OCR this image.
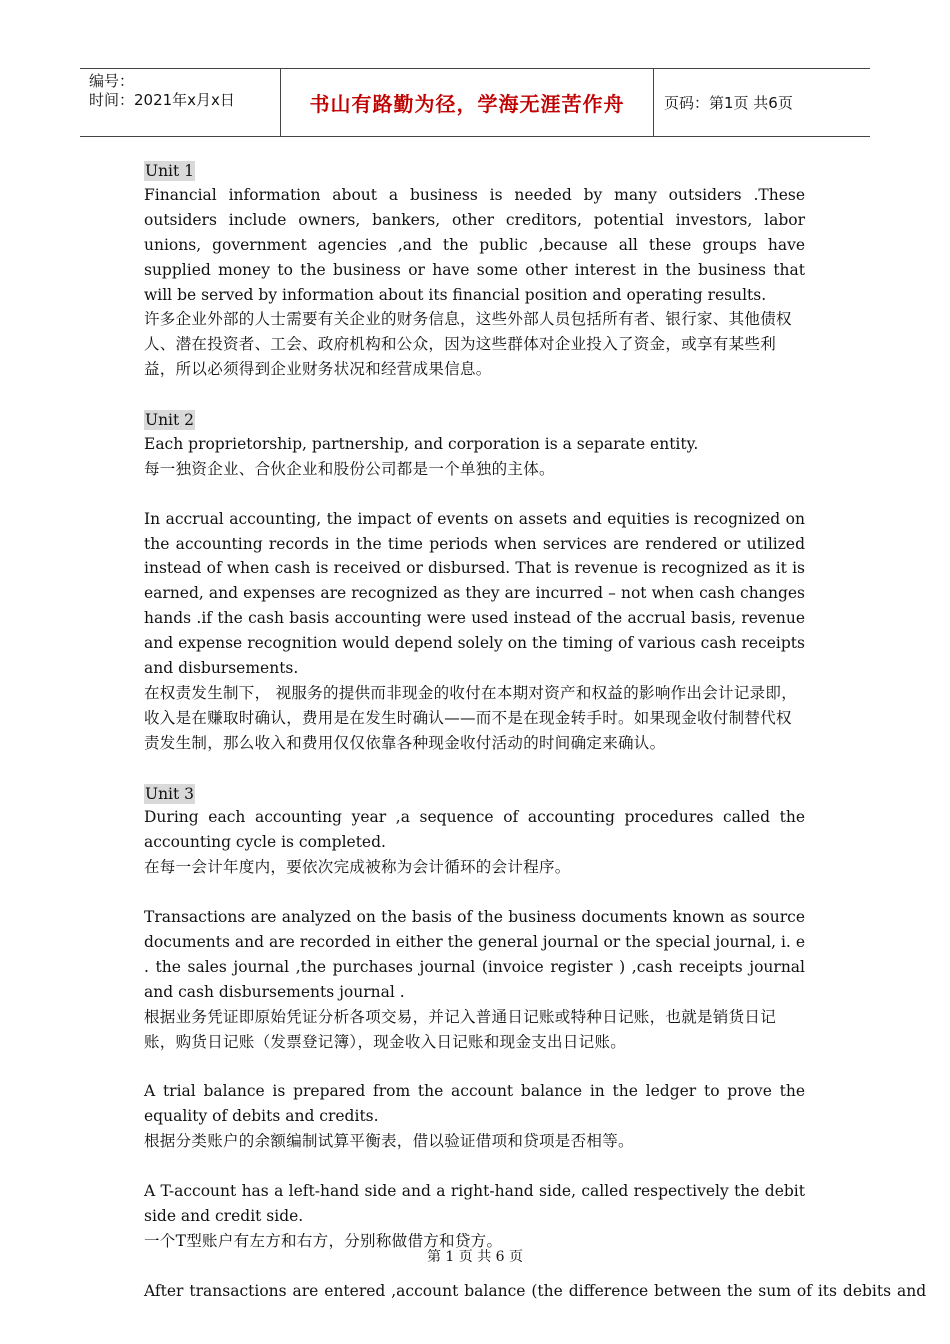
编号：
时间：2021年x月x日	书山有路勤为径，学海无涯苦作舟	页码：第1页 共6页
Unit 1

Financial information about a business is needed by many outsiders .These outsiders include owners, bankers, other creditors, potential investors, labor unions, government agencies ,and the public ,because all these groups have supplied money to the business or have some other interest in the business that will be served by information about its financial position and operating results.

许多企业外部的人士需要有关企业的财务信息，这些外部人员包括所有者、银行家、其他债权人、潜在投资者、工会、政府机构和公众，因为这些群体对企业投入了资金，或享有某些利益，所以必须得到企业财务状况和经营成果信息。

Unit 2

Each proprietorship, partnership, and corporation is a separate entity.

每一独资企业、合伙企业和股份公司都是一个单独的主体。

In accrual accounting, the impact of events on assets and equities is recognized on the accounting records in the time periods when services are rendered or utilized instead of when cash is received or disbursed. That is revenue is recognized as it is earned, and expenses are recognized as they are incurred – not when cash changes hands .if the cash basis accounting were used instead of the accrual basis, revenue and expense recognition would depend solely on the timing of various cash receipts and disbursements.

在权责发生制下， 视服务的提供而非现金的收付在本期对资产和权益的影响作出会计记录即，收入是在赚取时确认，费用是在发生时确认——而不是在现金转手时。如果现金收付制替代权责发生制，那么收入和费用仅仅依靠各种现金收付活动的时间确定来确认。

Unit 3

During each accounting year ,a sequence of accounting procedures called the accounting cycle is completed.

在每一会计年度内，要依次完成被称为会计循环的会计程序。

Transactions are analyzed on the basis of the business documents known as source documents and are recorded in either the general journal or the special journal, i. e . the sales journal ,the purchases journal (invoice register ) ,cash receipts journal and cash disbursements journal .

根据业务凭证即原始凭证分析各项交易，并记入普通日记账或特种日记账，也就是销货日记账，购货日记账（发票登记簿），现金收入日记账和现金支出日记账。

A trial balance is prepared from the account balance in the ledger to prove the equality of debits and credits.

根据分类账户的余额编制试算平衡表，借以验证借项和贷项是否相等。

A T-account has a left-hand side and a right-hand side, called respectively the debit side and credit side.

一个T型账户有左方和右方，分别称做借方和贷方。

After transactions are entered ,account balance (the difference between the sum of its debits and

第 1 页 共 6 页
